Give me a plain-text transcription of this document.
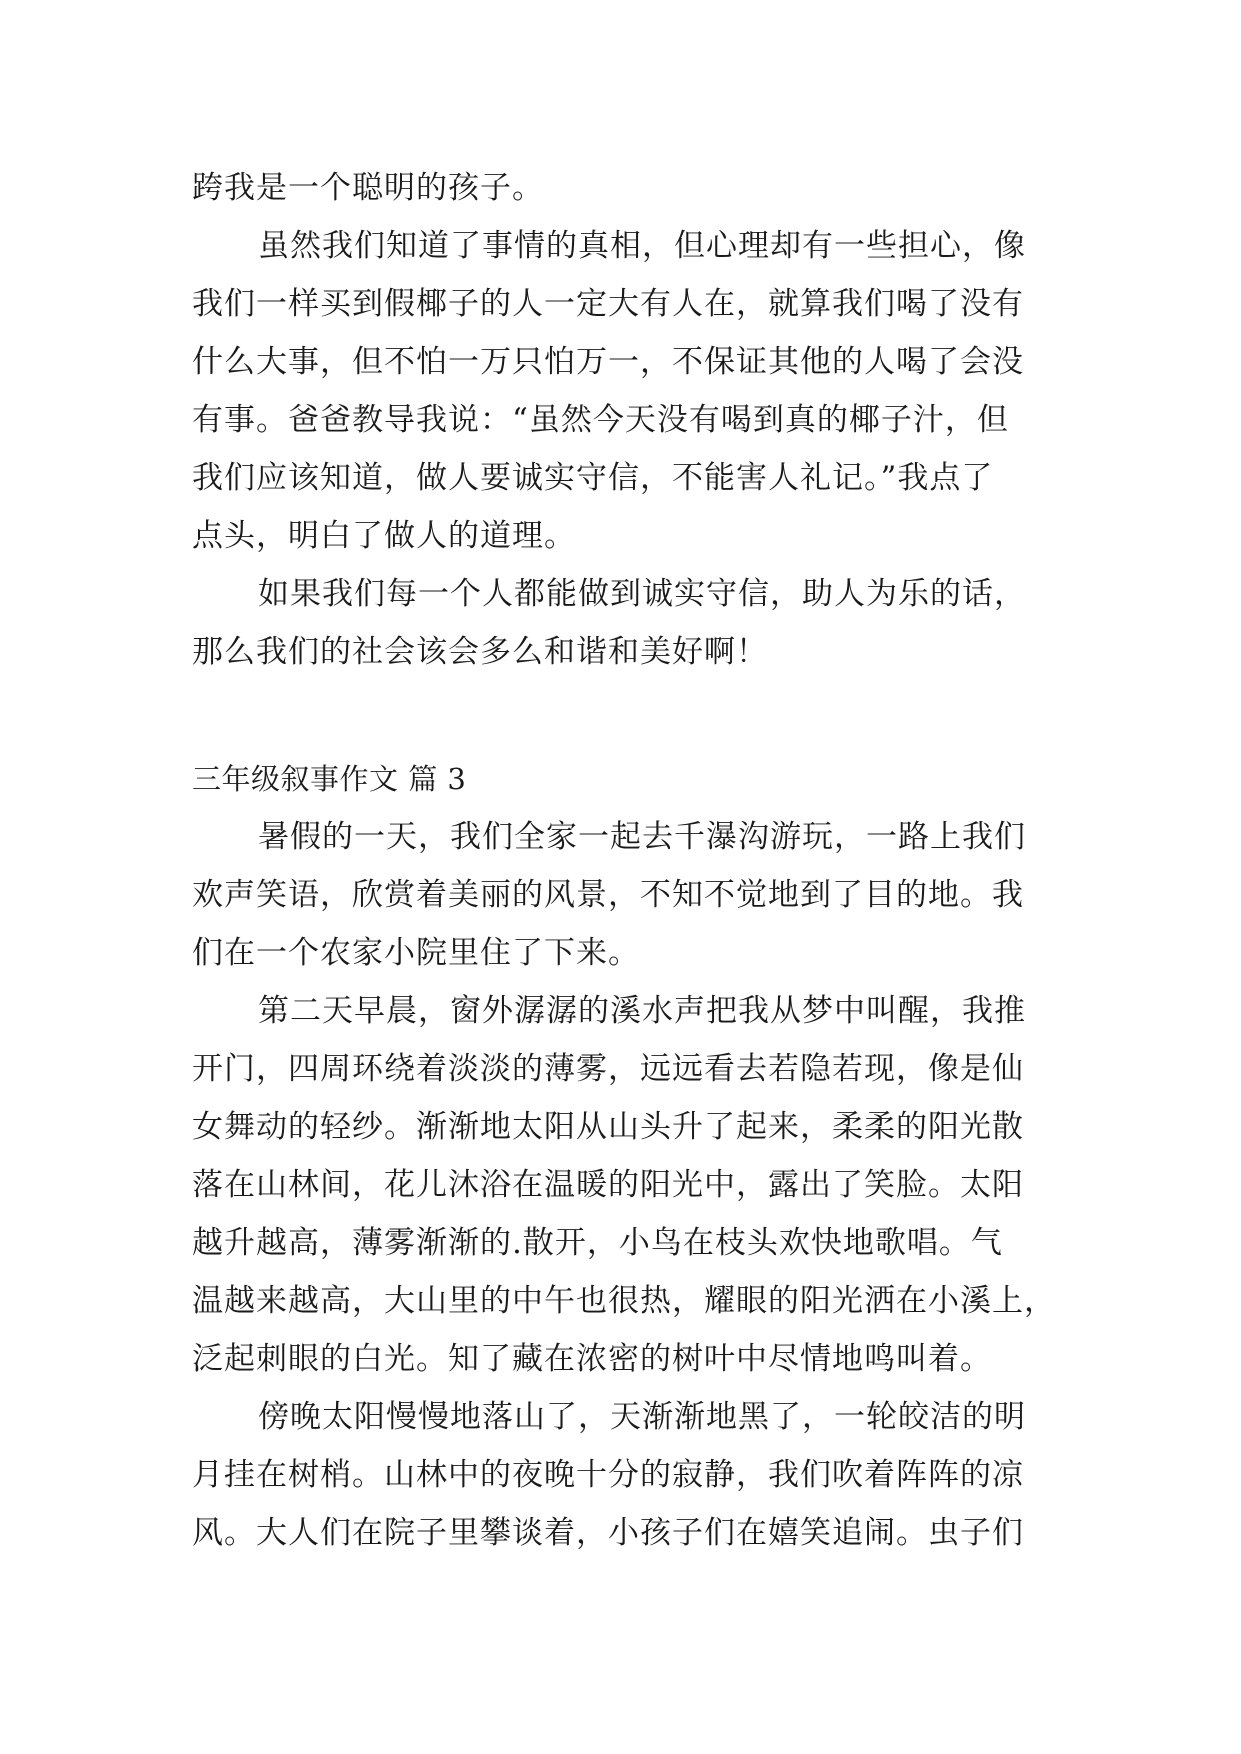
跨我是一个聪明的孩子。
虽然我们知道了事情的真相，但心理却有一些担心，像
我们一样买到假椰子的人一定大有人在，就算我们喝了没有
什么大事，但不怕一万只怕万一，不保证其他的人喝了会没
有事。爸爸教导我说：“虽然今天没有喝到真的椰子汁，但
我们应该知道，做人要诚实守信，不能害人礼记。”我点了
点头，明白了做人的道理。
如果我们每一个人都能做到诚实守信，助人为乐的话，
那么我们的社会该会多么和谐和美好啊！
三年级叙事作文 篇 3
暑假的一天，我们全家一起去千瀑沟游玩，一路上我们
欢声笑语，欣赏着美丽的风景，不知不觉地到了目的地。我
们在一个农家小院里住了下来。
第二天早晨，窗外潺潺的溪水声把我从梦中叫醒，我推
开门，四周环绕着淡淡的薄雾，远远看去若隐若现，像是仙
女舞动的轻纱。渐渐地太阳从山头升了起来，柔柔的阳光散
落在山林间，花儿沐浴在温暖的阳光中，露出了笑脸。太阳
越升越高，薄雾渐渐的.散开，小鸟在枝头欢快地歌唱。气
温越来越高，大山里的中午也很热，耀眼的阳光洒在小溪上，
泛起刺眼的白光。知了藏在浓密的树叶中尽情地鸣叫着。
傍晚太阳慢慢地落山了，天渐渐地黑了，一轮皎洁的明
月挂在树梢。山林中的夜晚十分的寂静，我们吹着阵阵的凉
风。大人们在院子里攀谈着，小孩子们在嬉笑追闹。虫子们
